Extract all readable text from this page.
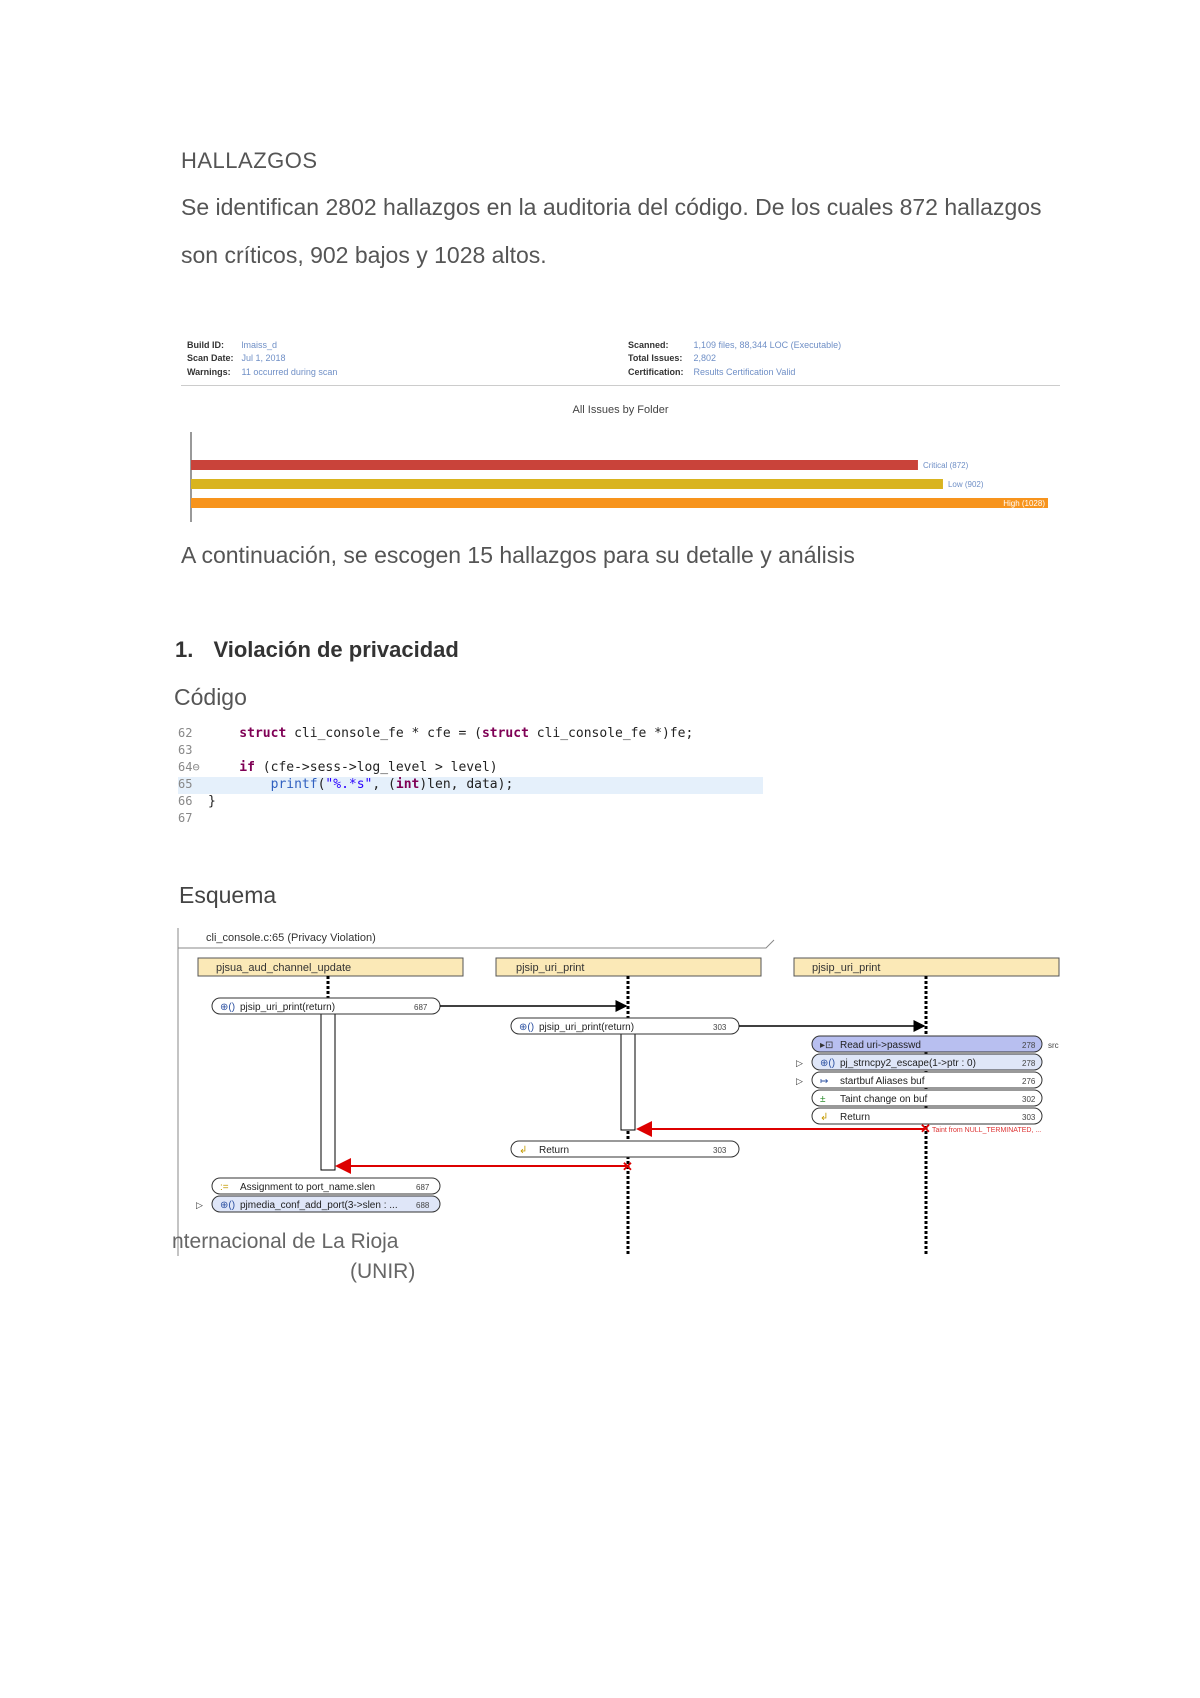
HALLAZGOS
Se identifican 2802 hallazgos en la auditoria del código. De los cuales 872 hallazgos
son críticos, 902 bajos y 1028 altos.
Build ID: lmaiss_d
Scan Date: Jul 1, 2018
Warnings: 11 occurred during scan
Scanned:	1,109 files, 88,344 LOC (Executable)
Total Issues: 2,802
Certification: Results Certification Valid
All Issues by Folder
Critical (872)
Low (902)
High (1028)
A continuación, se escogen 15 hallazgos para su detalle y análisis
1. Violación de privacidad
Código
62 struct cli_console_fe * cfe = (struct cli_console_fe *)fe;
63
64⊖ if (cfe->sess->log_level > level)
65	printf("%.*s", (int)len, data);
66 }
67
Esquema
cli_console.c:65 (Privacy Violation)
pjsua_aud_channel_update	pjsip_uri_print	pjsip_uri_print
⊕() pjsip_uri_print(return)	687
⊕() pjsip_uri_print(return)	303
▸⊡ Read uri->passwd	278 src
▷ ⊕() pj_strncpy2_escape(1->ptr : 0)	278
▷ ↦ startbuf Aliases buf	276
± Taint change on buf	302
↲ Return	303
✕ Taint from NULL_TERMINATED, ...
↲ Return	303
✕
:= Assignment to port_name.slen	687
▷ ⊕() pjmedia_conf_add_port(3->slen : ... 688
nternacional de La Rioja
(UNIR)
